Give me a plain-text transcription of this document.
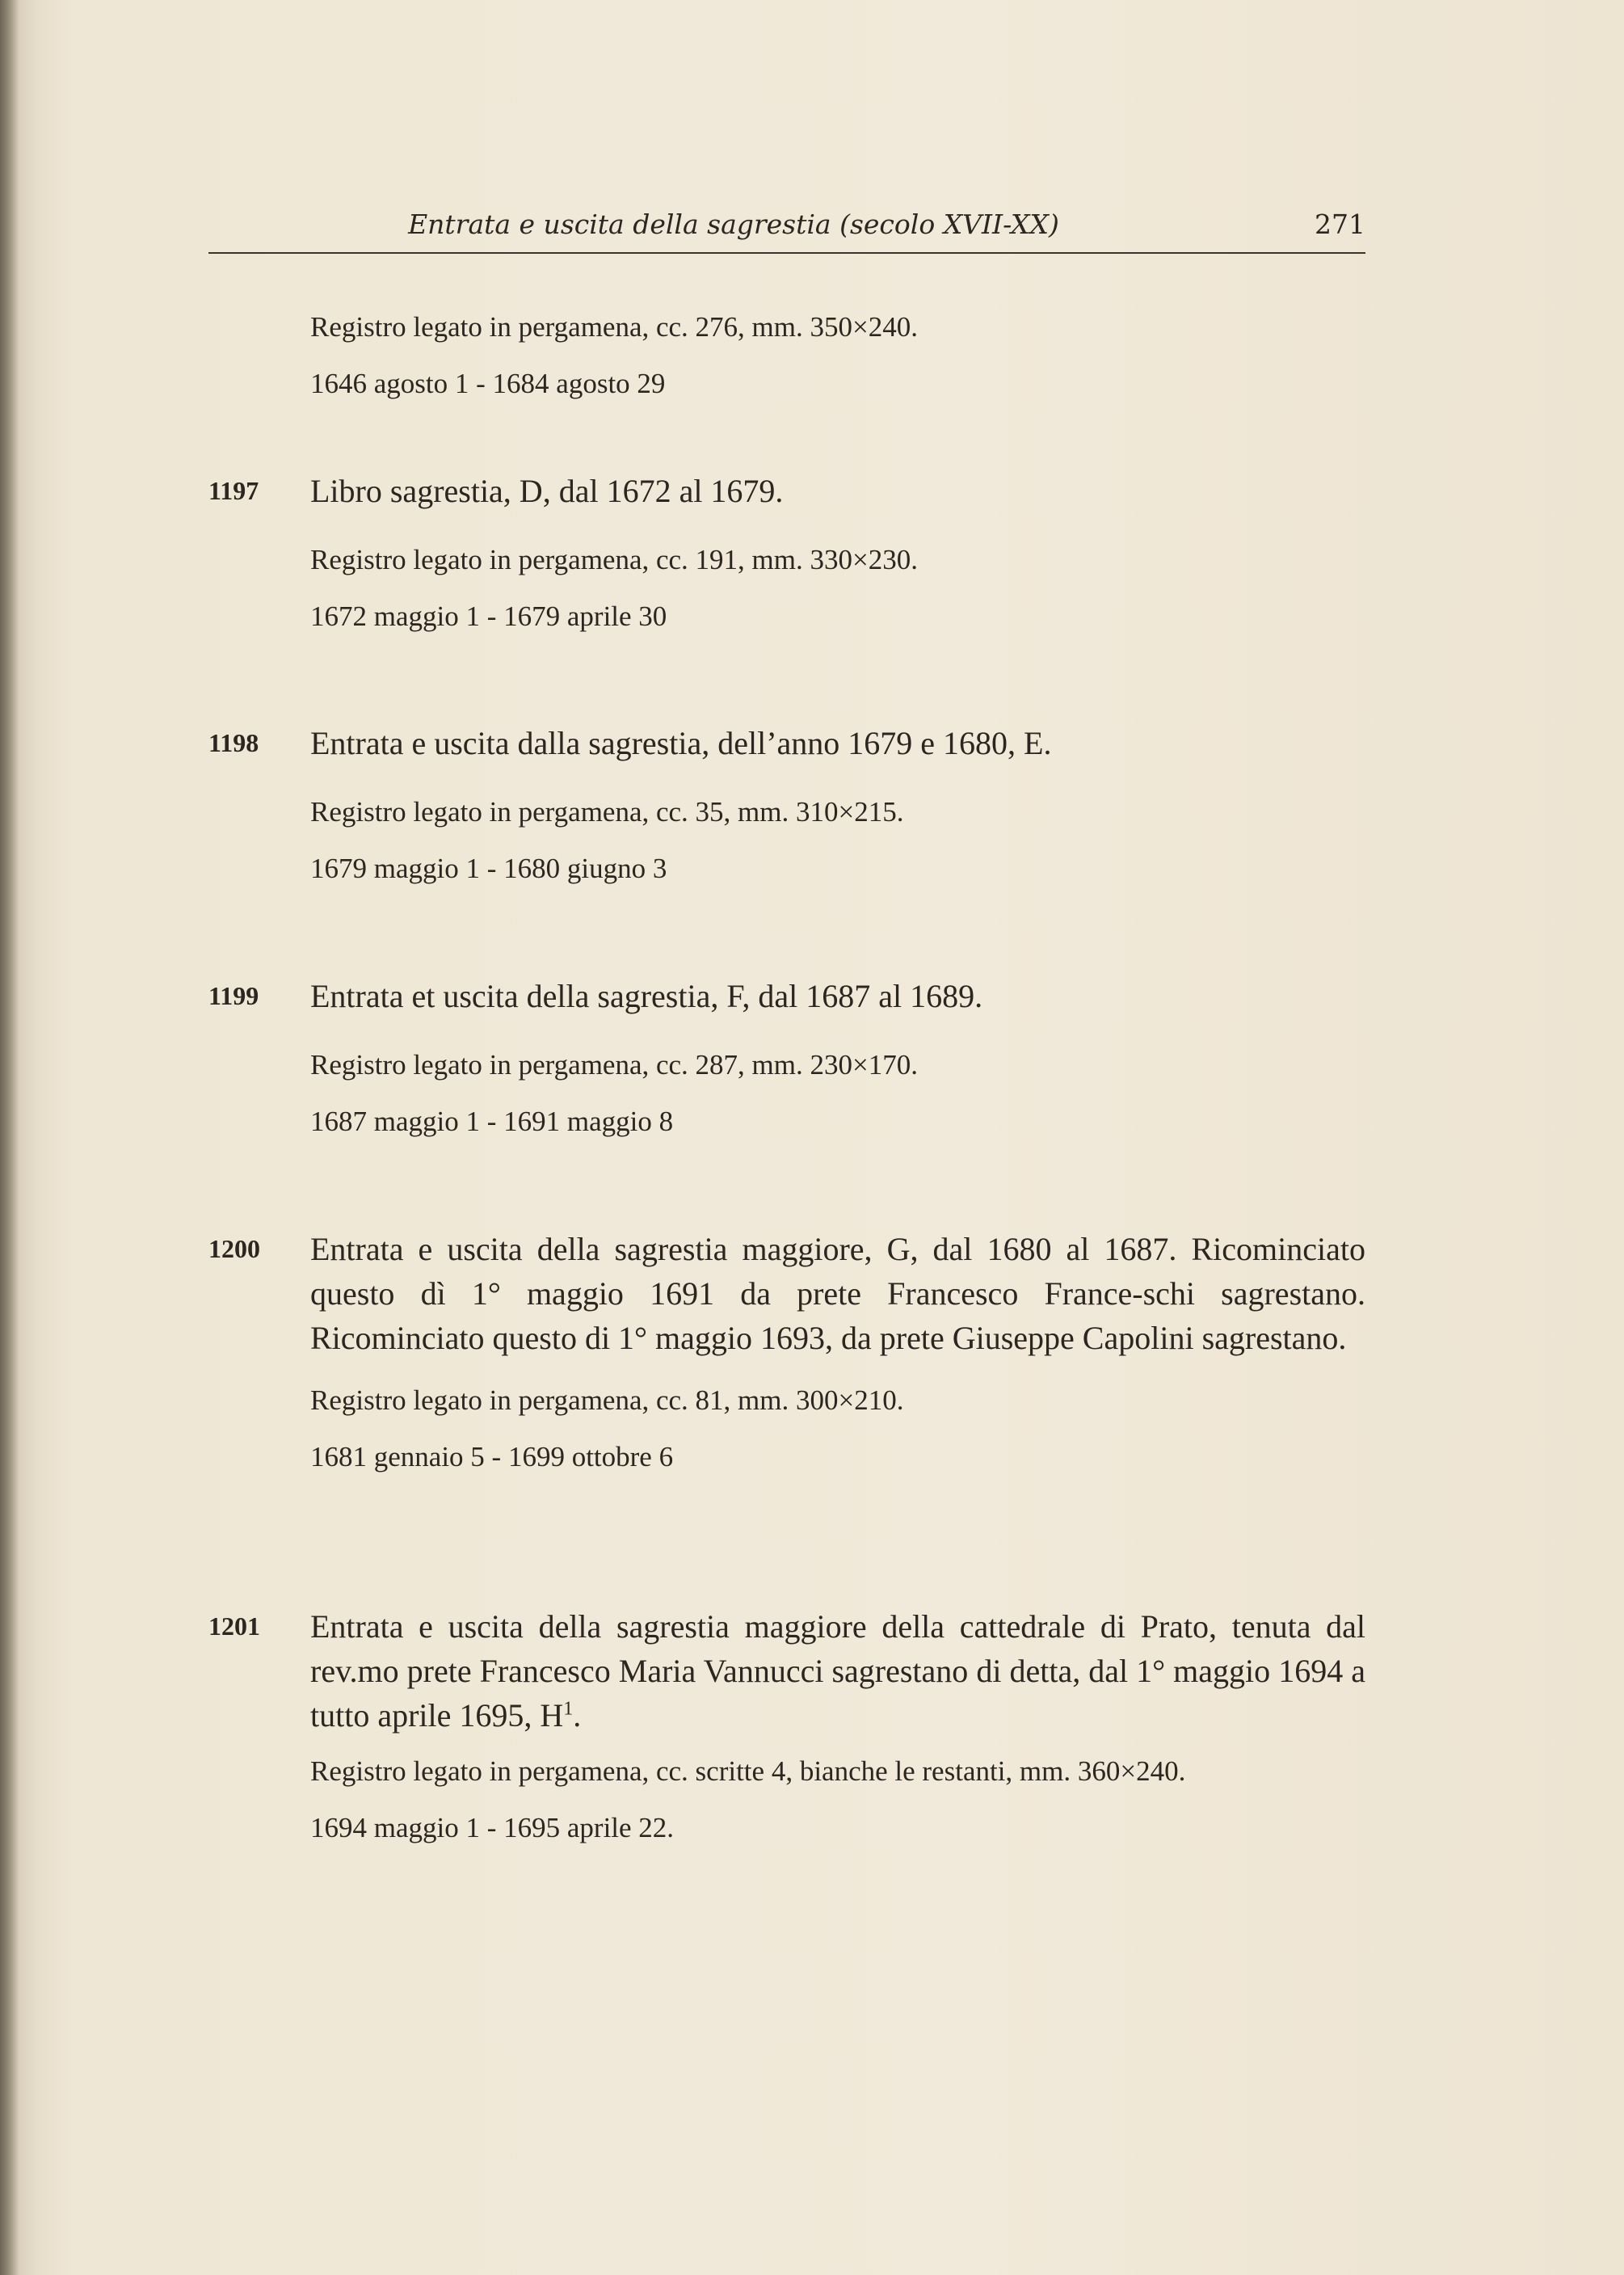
Entrata e uscita della sagrestia (secolo XVII-XX)	271

Registro legato in pergamena, cc. 276, mm. 350×240.

1646 agosto 1 - 1684 agosto 29

1197	Libro sagrestia, D, dal 1672 al 1679.

Registro legato in pergamena, cc. 191, mm. 330×230.

1672 maggio 1 - 1679 aprile 30

1198	Entrata e uscita dalla sagrestia, dell’anno 1679 e 1680, E.

Registro legato in pergamena, cc. 35, mm. 310×215.

1679 maggio 1 - 1680 giugno 3

1199	Entrata et uscita della sagrestia, F, dal 1687 al 1689.

Registro legato in pergamena, cc. 287, mm. 230×170.

1687 maggio 1 - 1691 maggio 8

1200	Entrata e uscita della sagrestia maggiore, G, dal 1680 al 1687. Ricominciato questo dì 1° maggio 1691 da prete Francesco France-schi sagrestano. Ricominciato questo di 1° maggio 1693, da prete Giuseppe Capolini sagrestano.

Registro legato in pergamena, cc. 81, mm. 300×210.

1681 gennaio 5 - 1699 ottobre 6

1201	Entrata e uscita della sagrestia maggiore della cattedrale di Prato, tenuta dal rev.mo prete Francesco Maria Vannucci sagrestano di detta, dal 1° maggio 1694 a tutto aprile 1695, $H^1$.

Registro legato in pergamena, cc. scritte 4, bianche le restanti, mm. 360×240.

1694 maggio 1 - 1695 aprile 22.
